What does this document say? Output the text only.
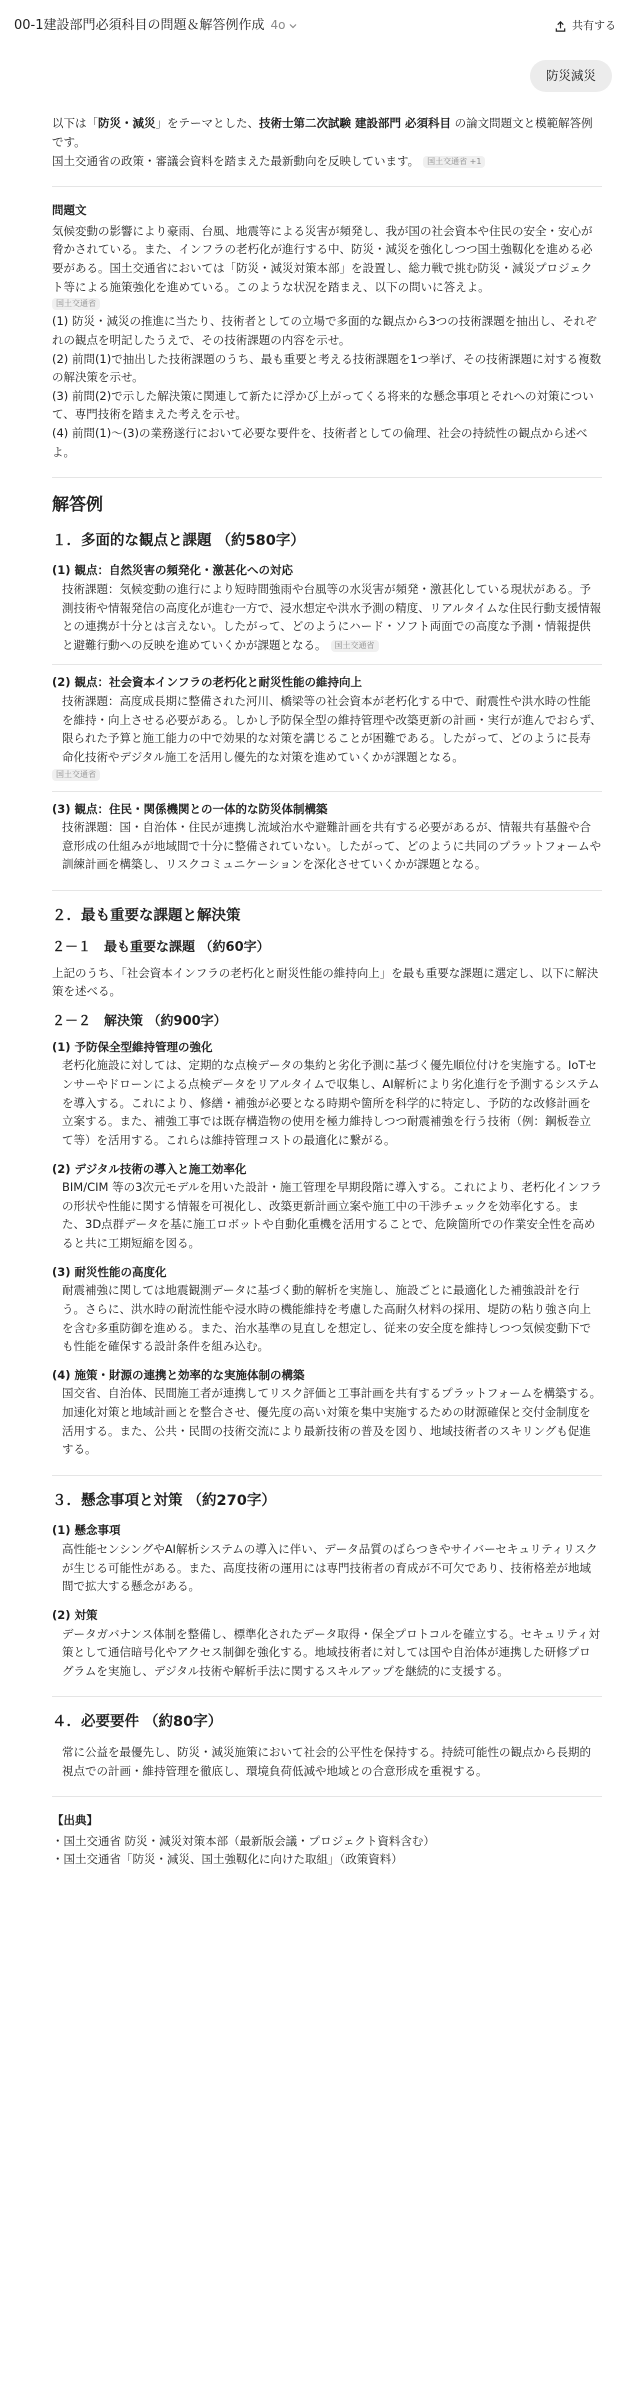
00-1建設部門必須科目の問題＆解答例作成 4o	共有する
防災減災

以下は「防災・減災」をテーマとした、技術士第二次試験 建設部門 必須科目 の論文問題文と模範解答例です。

国土交通省の政策・審議会資料を踏まえた最新動向を反映しています。 国土交通省 +1

問題文

気候変動の影響により豪雨、台風、地震等による災害が頻発し、我が国の社会資本や住民の安全・安心が脅かされている。また、インフラの老朽化が進行する中、防災・減災を強化しつつ国土強靱化を進める必要がある。国土交通省においては「防災・減災対策本部」を設置し、総力戦で挑む防災・減災プロジェクト等による施策強化を進めている。このような状況を踏まえ、以下の問いに答えよ。

国土交通省

(1) 防災・減災の推進に当たり、技術者としての立場で多面的な観点から3つの技術課題を抽出し、それぞれの観点を明記したうえで、その技術課題の内容を示せ。

(2) 前問(1)で抽出した技術課題のうち、最も重要と考える技術課題を1つ挙げ、その技術課題に対する複数の解決策を示せ。

(3) 前問(2)で示した解決策に関連して新たに浮かび上がってくる将来的な懸念事項とそれへの対策について、専門技術を踏まえた考えを示せ。

(4) 前問(1)～(3)の業務遂行において必要な要件を、技術者としての倫理、社会の持続性の観点から述べよ。

解答例
１．多面的な観点と課題 （約580字）
(1) 観点：自然災害の頻発化・激甚化への対応

技術課題：気候変動の進行により短時間強雨や台風等の水災害が頻発・激甚化している現状がある。予測技術や情報発信の高度化が進む一方で、浸水想定や洪水予測の精度、リアルタイムな住民行動支援情報との連携が十分とは言えない。したがって、どのようにハード・ソフト両面での高度な予測・情報提供と避難行動への反映を進めていくかが課題となる。 国土交通省

(2) 観点：社会資本インフラの老朽化と耐災性能の維持向上

技術課題：高度成長期に整備された河川、橋梁等の社会資本が老朽化する中で、耐震性や洪水時の性能を維持・向上させる必要がある。しかし予防保全型の維持管理や改築更新の計画・実行が進んでおらず、限られた予算と施工能力の中で効果的な対策を講じることが困難である。したがって、どのように長寿命化技術やデジタル施工を活用し優先的な対策を進めていくかが課題となる。

国土交通省
(3) 観点：住民・関係機関との一体的な防災体制構築

技術課題：国・自治体・住民が連携し流域治水や避難計画を共有する必要があるが、情報共有基盤や合意形成の仕組みが地域間で十分に整備されていない。したがって、どのように共同のプラットフォームや訓練計画を構築し、リスクコミュニケーションを深化させていくかが課題となる。

２．最も重要な課題と解決策
２－１　最も重要な課題 （約60字）

上記のうち、「社会資本インフラの老朽化と耐災性能の維持向上」を最も重要な課題に選定し、以下に解決策を述べる。

２－２　解決策 （約900字）
(1) 予防保全型維持管理の強化

老朽化施設に対しては、定期的な点検データの集約と劣化予測に基づく優先順位付けを実施する。IoTセンサーやドローンによる点検データをリアルタイムで収集し、AI解析により劣化進行を予測するシステムを導入する。これにより、修繕・補強が必要となる時期や箇所を科学的に特定し、予防的な改修計画を立案する。また、補強工事では既存構造物の使用を極力維持しつつ耐震補強を行う技術（例：鋼板巻立て等）を活用する。これらは維持管理コストの最適化に繋がる。

(2) デジタル技術の導入と施工効率化

BIM/CIM 等の3次元モデルを用いた設計・施工管理を早期段階に導入する。これにより、老朽化インフラの形状や性能に関する情報を可視化し、改築更新計画立案や施工中の干渉チェックを効率化する。また、3D点群データを基に施工ロボットや自動化重機を活用することで、危険箇所での作業安全性を高めると共に工期短縮を図る。

(3) 耐災性能の高度化

耐震補強に関しては地震観測データに基づく動的解析を実施し、施設ごとに最適化した補強設計を行う。さらに、洪水時の耐流性能や浸水時の機能維持を考慮した高耐久材料の採用、堤防の粘り強さ向上を含む多重防御を進める。また、治水基準の見直しを想定し、従来の安全度を維持しつつ気候変動下でも性能を確保する設計条件を組み込む。

(4) 施策・財源の連携と効率的な実施体制の構築

国交省、自治体、民間施工者が連携してリスク評価と工事計画を共有するプラットフォームを構築する。加速化対策と地域計画とを整合させ、優先度の高い対策を集中実施するための財源確保と交付金制度を活用する。また、公共・民間の技術交流により最新技術の普及を図り、地域技術者のスキリングも促進する。

３．懸念事項と対策 （約270字）
(1) 懸念事項

高性能センシングやAI解析システムの導入に伴い、データ品質のばらつきやサイバーセキュリティリスクが生じる可能性がある。また、高度技術の運用には専門技術者の育成が不可欠であり、技術格差が地域間で拡大する懸念がある。

(2) 対策

データガバナンス体制を整備し、標準化されたデータ取得・保全プロトコルを確立する。セキュリティ対策として通信暗号化やアクセス制御を強化する。地域技術者に対しては国や自治体が連携した研修プログラムを実施し、デジタル技術や解析手法に関するスキルアップを継続的に支援する。

４．必要要件 （約80字）

常に公益を最優先し、防災・減災施策において社会的公平性を保持する。持続可能性の観点から長期的視点での計画・維持管理を徹底し、環境負荷低減や地域との合意形成を重視する。

【出典】

・国土交通省 防災・減災対策本部（最新版会議・プロジェクト資料含む）

・国土交通省「防災・減災、国土強靱化に向けた取組」（政策資料）
